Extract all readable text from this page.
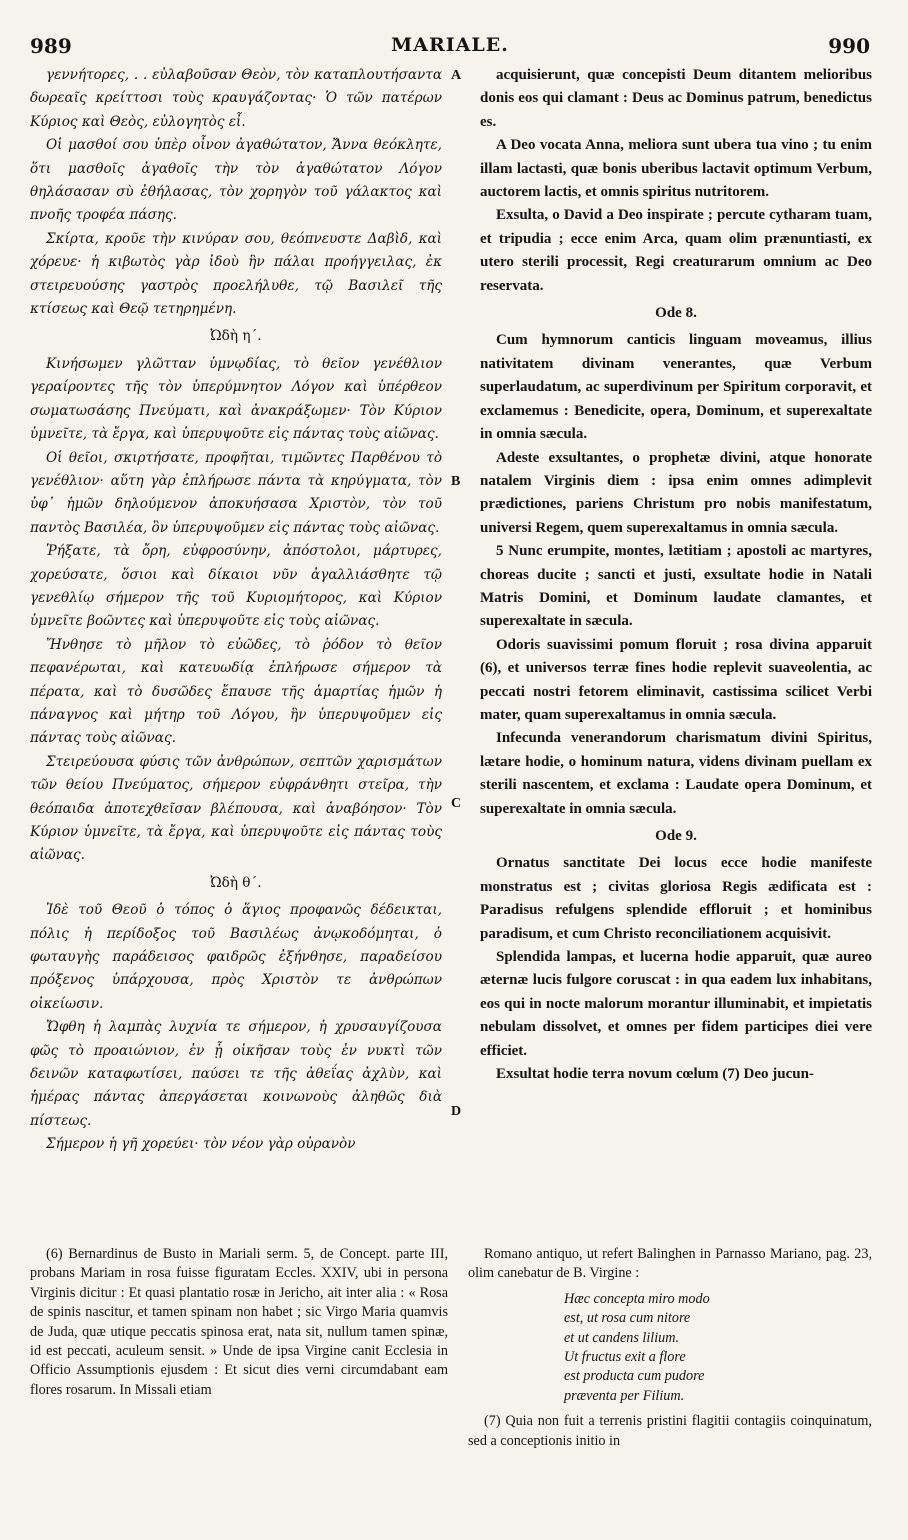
989	MARIALE.	990

γεννήτορες, . . εὐλαβοῦσαν Θεὸν, τὸν καταπλουτήσαντα δωρεαῖς κρείττοσι τοὺς κραυγάζοντας· Ὁ τῶν πατέρων Κύριος καὶ Θεὸς, εὐλογητὸς εἶ.

Οἱ μασθοί σου ὑπὲρ οἶνον ἀγαθώτατον, Ἄννα θεόκλητε, ὅτι μασθοῖς ἀγαθοῖς τὴν τὸν ἀγαθώτατον Λόγον θηλάσασαν σὺ ἐθήλασας, τὸν χορηγὸν τοῦ γάλακτος καὶ πνοῆς τροφέα πάσης.

Σκίρτα, κροῦε τὴν κινύραν σου, θεόπνευστε Δαβὶδ, καὶ χόρευε· ἡ κιβωτὸς γὰρ ἰδοὺ ἣν πάλαι προήγγειλας, ἐκ στειρευούσης γαστρὸς προελήλυθε, τῷ Βασιλεῖ τῆς κτίσεως καὶ Θεῷ τετηρημένη.

Ὠδὴ η΄.

Κινήσωμεν γλῶτταν ὑμνῳδίας, τὸ θεῖον γενέθλιον γεραίροντες τῆς τὸν ὑπερύμνητον Λόγον καὶ ὑπέρθεον σωματωσάσης Πνεύματι, καὶ ἀνακράξωμεν· Τὸν Κύριον ὑμνεῖτε, τὰ ἔργα, καὶ ὑπερυψοῦτε εἰς πάντας τοὺς αἰῶνας.

Οἱ θεῖοι, σκιρτήσατε, προφῆται, τιμῶντες Παρθένου τὸ γενέθλιον· αὕτη γὰρ ἐπλήρωσε πάντα τὰ κηρύγματα, τὸν ὑφ᾽ ἡμῶν δηλούμενον ἀποκυήσασα Χριστὸν, τὸν τοῦ παντὸς Βασιλέα, ὃν ὑπερυψοῦμεν εἰς πάντας τοὺς αἰῶνας.

Ῥήξατε, τὰ ὄρη, εὐφροσύνην, ἀπόστολοι, μάρτυρες, χορεύσατε, ὅσιοι καὶ δίκαιοι νῦν ἀγαλλιάσθητε τῷ γενεθλίῳ σήμερον τῆς τοῦ Κυριομήτορος, καὶ Κύριον ὑμνεῖτε βοῶντες καὶ ὑπερυψοῦτε εἰς τοὺς αἰῶνας.

Ἤνθησε τὸ μῆλον τὸ εὐῶδες, τὸ ῥόδον τὸ θεῖον πεφανέρωται, καὶ κατευωδίᾳ ἐπλήρωσε σήμερον τὰ πέρατα, καὶ τὸ δυσῶδες ἔπαυσε τῆς ἁμαρτίας ἡμῶν ἡ πάναγνος καὶ μήτηρ τοῦ Λόγου, ἣν ὑπερυψοῦμεν εἰς πάντας τοὺς αἰῶνας.

Στειρεύουσα φύσις τῶν ἀνθρώπων, σεπτῶν χαρισμάτων τῶν θείου Πνεύματος, σήμερον εὐφράνθητι στεῖρα, τὴν θεόπαιδα ἀποτεχθεῖσαν βλέπουσα, καὶ ἀναβόησον· Τὸν Κύριον ὑμνεῖτε, τὰ ἔργα, καὶ ὑπερυψοῦτε εἰς πάντας τοὺς αἰῶνας.

Ὠδὴ θ΄.

Ἰδὲ τοῦ Θεοῦ ὁ τόπος ὁ ἅγιος προφανῶς δέδεικται, πόλις ἡ περίδοξος τοῦ Βασιλέως ἀνῳκοδόμηται, ὁ φωταυγὴς παράδεισος φαιδρῶς ἐξήνθησε, παραδείσου πρόξενος ὑπάρχουσα, πρὸς Χριστὸν τε ἀνθρώπων οἰκείωσιν.

Ὤφθη ἡ λαμπὰς λυχνία τε σήμερον, ἡ χρυσαυγίζουσα φῶς τὸ προαιώνιον, ἐν ᾗ οἰκῆσαν τοὺς ἐν νυκτὶ τῶν δεινῶν καταφωτίσει, παύσει τε τῆς ἀθεΐας ἀχλὺν, καὶ ἡμέρας πάντας ἀπεργάσεται κοινωνοὺς ἀληθῶς διὰ πίστεως.

Σήμερον ἡ γῆ χορεύει· τὸν νέον γὰρ οὐρανὸν

A
B
C
D

acquisierunt, quæ concepisti Deum ditantem melioribus donis eos qui clamant : Deus ac Dominus patrum, benedictus es.

A Deo vocata Anna, meliora sunt ubera tua vino ; tu enim illam lactasti, quæ bonis uberibus lactavit optimum Verbum, auctorem lactis, et omnis spiritus nutritorem.

Exsulta, o David a Deo inspirate ; percute cytharam tuam, et tripudia ; ecce enim Arca, quam olim prænuntiasti, ex utero sterili processit, Regi creaturarum omnium ac Deo reservata.

Ode 8.

Cum hymnorum canticis linguam moveamus, illius nativitatem divinam venerantes, quæ Verbum superlaudatum, ac superdivinum per Spiritum corporavit, et exclamemus : Benedicite, opera, Dominum, et superexaltate in omnia sæcula.

Adeste exsultantes, o prophetæ divini, atque honorate natalem Virginis diem : ipsa enim omnes adimplevit prædictiones, pariens Christum pro nobis manifestatum, universi Regem, quem superexaltamus in omnia sæcula.

5 Nunc erumpite, montes, lætitiam ; apostoli ac martyres, choreas ducite ; sancti et justi, exsultate hodie in Natali Matris Domini, et Dominum laudate clamantes, et superexaltate in sæcula.

Odoris suavissimi pomum floruit ; rosa divina apparuit (6), et universos terræ fines hodie replevit suaveolentia, ac peccati nostri fetorem eliminavit, castissima scilicet Verbi mater, quam superexaltamus in omnia sæcula.

Infecunda venerandorum charismatum divini Spiritus, lætare hodie, o hominum natura, videns divinam puellam ex sterili nascentem, et exclama : Laudate opera Dominum, et superexaltate in omnia sæcula.

Ode 9.

Ornatus sanctitate Dei locus ecce hodie manifeste monstratus est ; civitas gloriosa Regis ædificata est : Paradisus refulgens splendide effloruit ; et hominibus paradisum, et cum Christo reconciliationem acquisivit.

Splendida lampas, et lucerna hodie apparuit, quæ aureo æternæ lucis fulgore coruscat : in qua eadem lux inhabitans, eos qui in nocte malorum morantur illuminabit, et impietatis nebulam dissolvet, et omnes per fidem participes diei vere efficiet.

Exsultat hodie terra novum cœlum (7) Deo jucun-

(6) Bernardinus de Busto in Mariali serm. 5, de Concept. parte III, probans Mariam in rosa fuisse figuratam Eccles. XXIV, ubi in persona Virginis dicitur : Et quasi plantatio rosæ in Jericho, ait inter alia : « Rosa de spinis nascitur, et tamen spinam non habet ; sic Virgo Maria quamvis de Juda, quæ utique peccatis spinosa erat, nata sit, nullum tamen spinæ, id est peccati, aculeum sensit. » Unde de ipsa Virgine canit Ecclesia in Officio Assumptionis ejusdem : Et sicut dies verni circumdabant eam flores rosarum. In Missali etiam

Romano antiquo, ut refert Balinghen in Parnasso Mariano, pag. 23, olim canebatur de B. Virgine :

Hæc concepta miro modo
est, ut rosa cum nitore
et ut candens lilium.
Ut fructus exit a flore
est producta cum pudore
præventa per Filium.

(7) Quia non fuit a terrenis pristini flagitii contagiis coinquinatum, sed a conceptionis initio in
